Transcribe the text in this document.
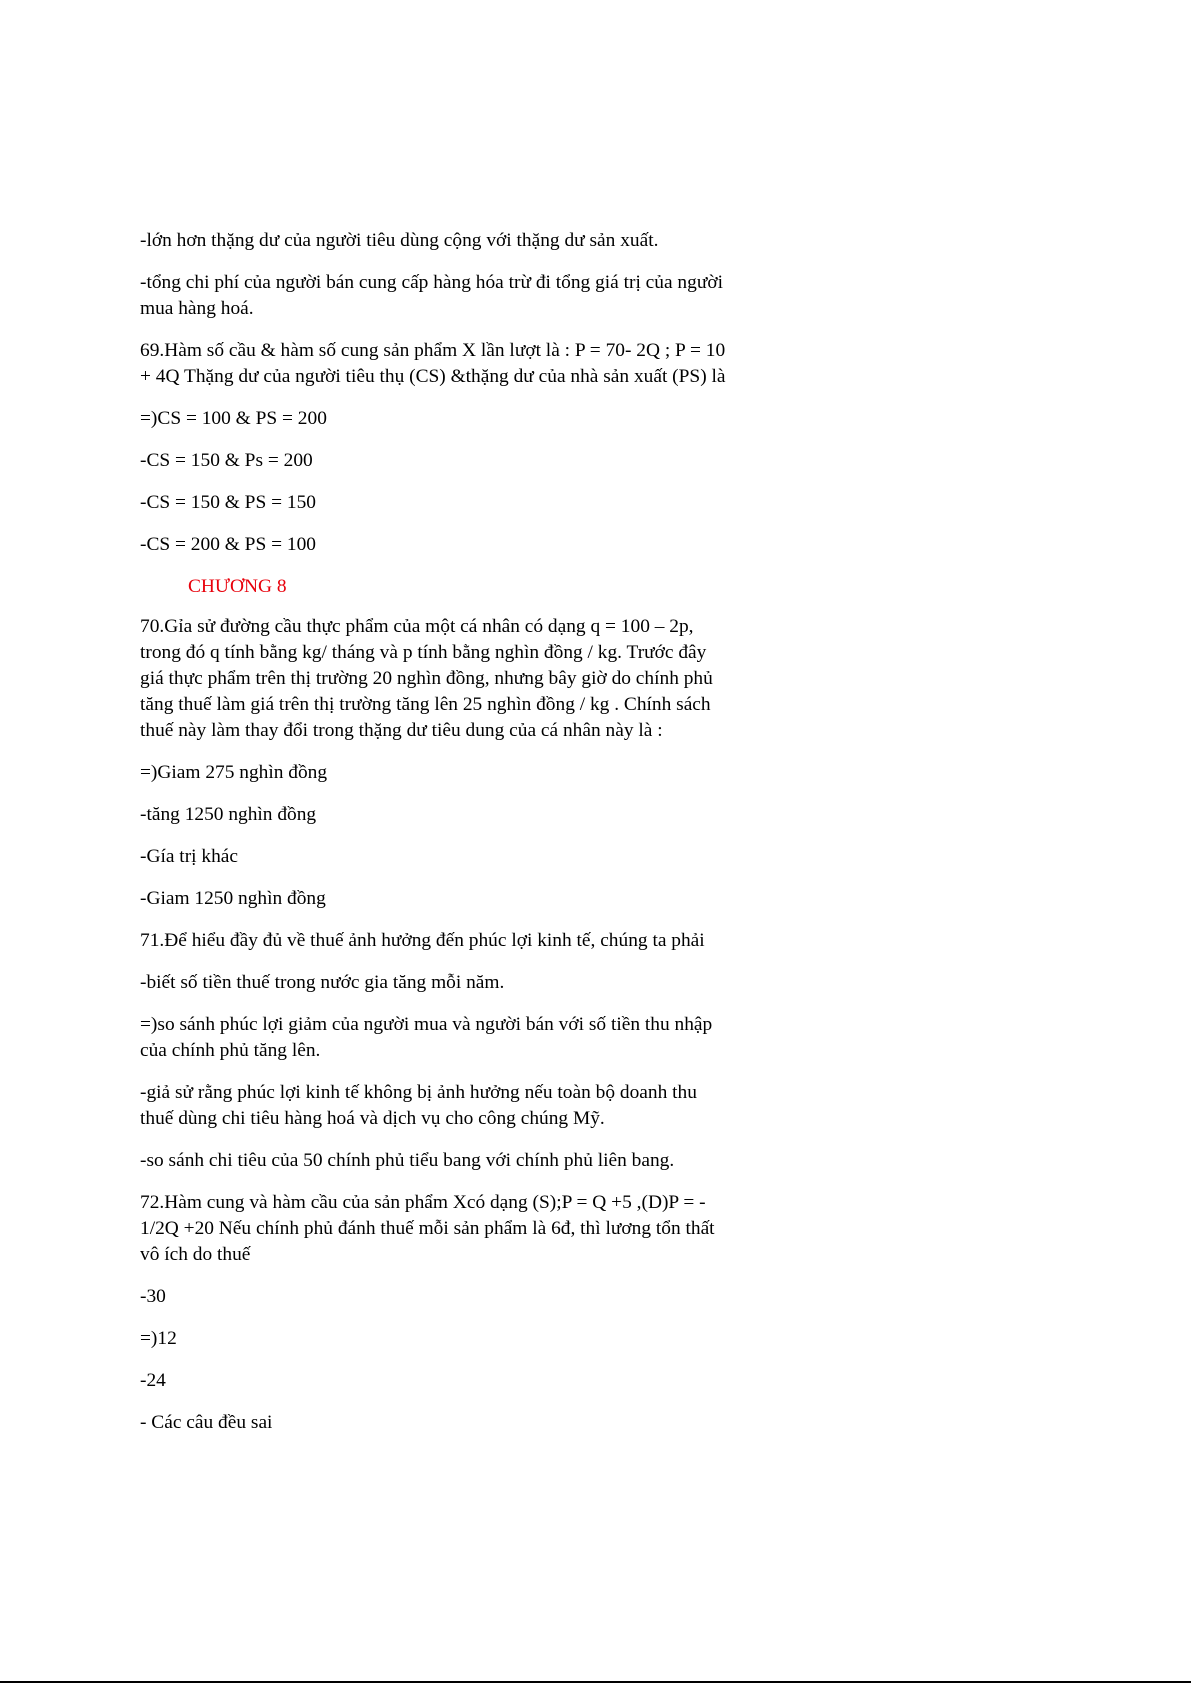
-lớn hơn thặng dư của người tiêu dùng cộng với thặng dư sản xuất.
-tổng chi phí của người bán cung cấp hàng hóa trừ đi tổng giá trị của người
mua hàng hoá.
69.Hàm số cầu & hàm số cung sản phẩm X lần lượt là : P = 70- 2Q ; P = 10
+ 4Q Thặng dư của người tiêu thụ (CS) &thặng dư của nhà sản xuất (PS) là
=)CS = 100 & PS = 200
-CS = 150 & Ps = 200
-CS = 150 & PS = 150
-CS = 200 & PS = 100
CHƯƠNG 8
70.Gỉa sử đường cầu thực phẩm của một cá nhân có dạng q = 100 – 2p,
trong đó q tính bằng kg/ tháng và p tính bằng nghìn đồng / kg. Trước đây
giá thực phẩm trên thị trường 20 nghìn đồng, nhưng bây giờ do chính phủ
tăng thuế làm giá trên thị trường tăng lên 25 nghìn đồng / kg . Chính sách
thuế này làm thay đổi trong thặng dư tiêu dung của cá nhân này là :
=)Giam 275 nghìn đồng
-tăng 1250 nghìn đồng
-Gía trị khác
-Giam 1250 nghìn đồng
71.Để hiểu đầy đủ về thuế ảnh hưởng đến phúc lợi kinh tế, chúng ta phải
-biết số tiền thuế trong nước gia tăng mỗi năm.
=)so sánh phúc lợi giảm của người mua và người bán với số tiền thu nhập
của chính phủ tăng lên.
-giả sử rằng phúc lợi kinh tế không bị ảnh hưởng nếu toàn bộ doanh thu
thuế dùng chi tiêu hàng hoá và dịch vụ cho công chúng Mỹ.
-so sánh chi tiêu của 50 chính phủ tiểu bang với chính phủ liên bang.
72.Hàm cung và hàm cầu của sản phẩm Xcó dạng (S);P = Q +5 ,(D)P = -
1/2Q +20 Nếu chính phủ đánh thuế mỗi sản phẩm là 6đ, thì lương tổn thất
vô ích do thuế
-30
=)12
-24
- Các câu đều sai
